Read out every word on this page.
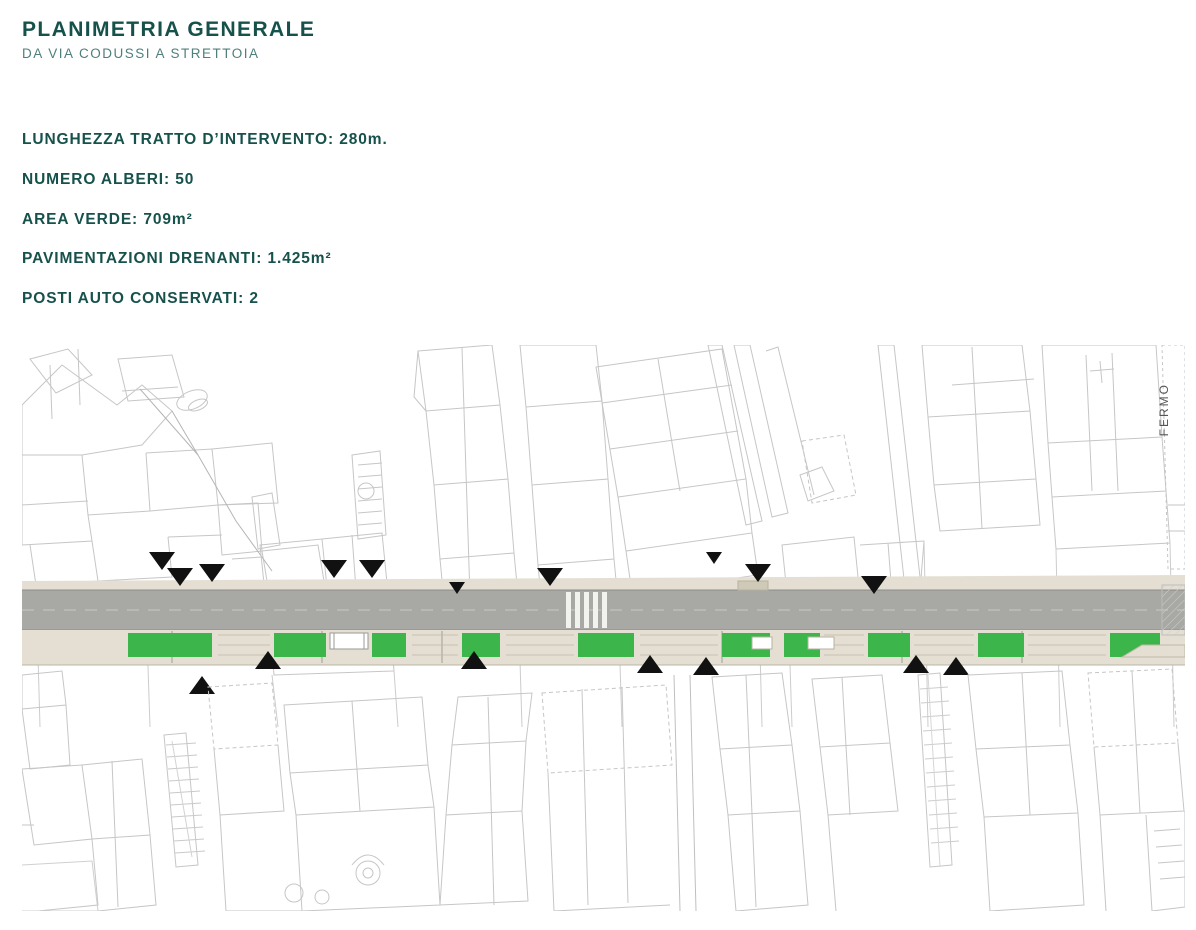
PLANIMETRIA GENERALE

DA VIA CODUSSI A STRETTOIA

LUNGHEZZA TRATTO D’INTERVENTO: 280m.
NUMERO ALBERI: 50
AREA VERDE: 709m²
PAVIMENTAZIONI DRENANTI: 1.425m²
POSTI AUTO CONSERVATI: 2
FERMO
